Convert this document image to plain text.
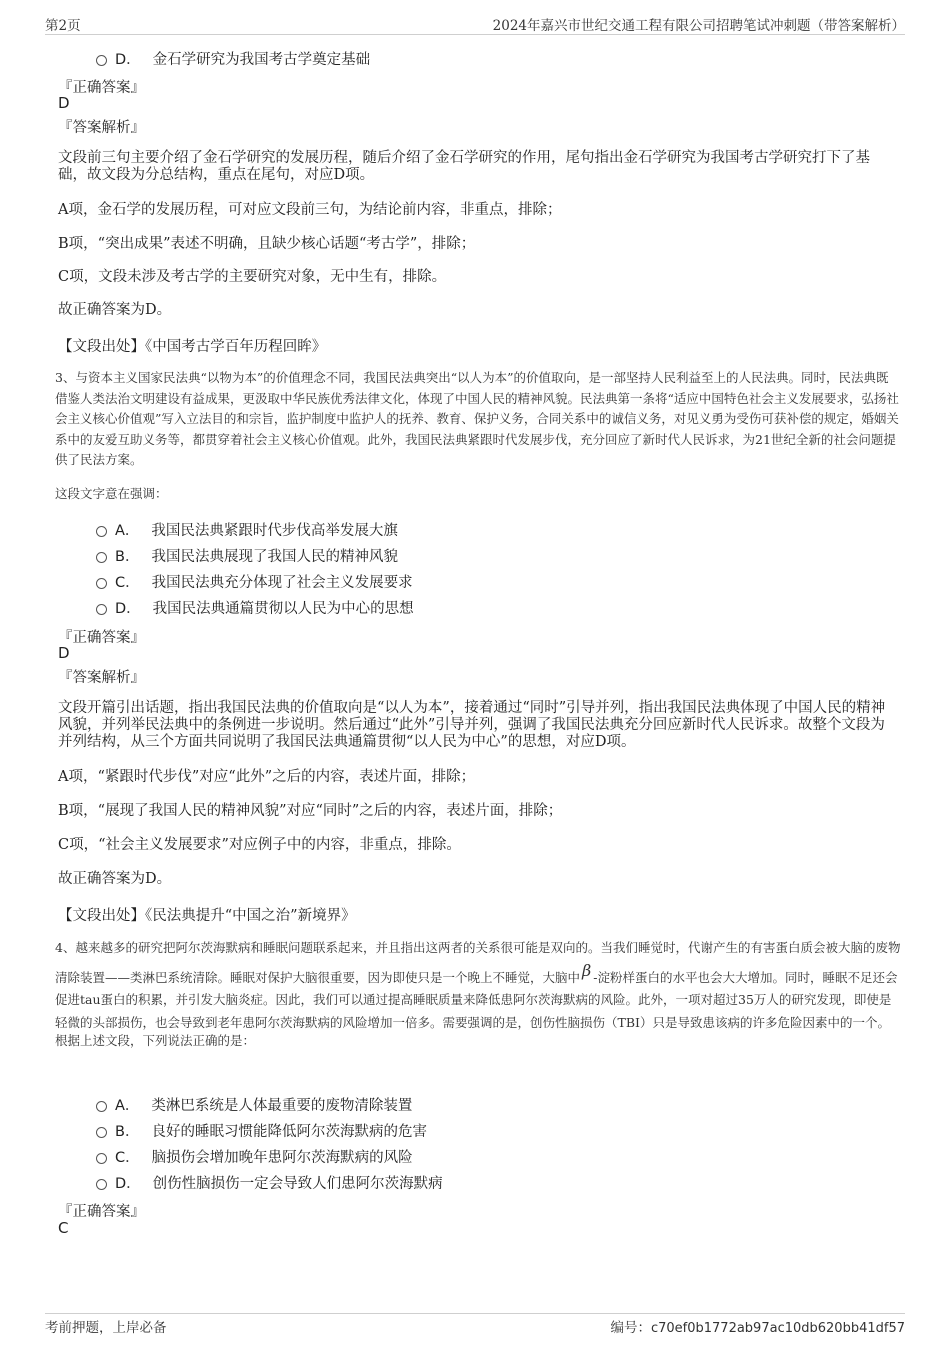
第2页	2024年嘉兴市世纪交通工程有限公司招聘笔试冲刺题（带答案解析）
D． 金石学研究为我国考古学奠定基础
『正确答案』
D
『答案解析』
文段前三句主要介绍了金石学研究的发展历程，随后介绍了金石学研究的作用，尾句指出金石学研究为我国考古学研究打下了基础，故文段为分总结构，重点在尾句，对应D项。
A项，金石学的发展历程，可对应文段前三句，为结论前内容，非重点，排除；
B项，“突出成果”表述不明确，且缺少核心话题“考古学”，排除；
C项，文段未涉及考古学的主要研究对象，无中生有，排除。
故正确答案为D。
【文段出处】《中国考古学百年历程回眸》
3、与资本主义国家民法典“以物为本”的价值理念不同，我国民法典突出“以人为本”的价值取向，是一部坚持人民利益至上的人民法典。同时，民法典既借鉴人类法治文明建设有益成果，更汲取中华民族优秀法律文化，体现了中国人民的精神风貌。民法典第一条将“适应中国特色社会主义发展要求，弘扬社会主义核心价值观”写入立法目的和宗旨，监护制度中监护人的抚养、教育、保护义务，合同关系中的诚信义务，对见义勇为受伤可获补偿的规定，婚姻关系中的友爱互助义务等，都贯穿着社会主义核心价值观。此外，我国民法典紧跟时代发展步伐，充分回应了新时代人民诉求，为21世纪全新的社会问题提供了民法方案。
这段文字意在强调：
A． 我国民法典紧跟时代步伐高举发展大旗
B． 我国民法典展现了我国人民的精神风貌
C． 我国民法典充分体现了社会主义发展要求
D． 我国民法典通篇贯彻以人民为中心的思想
『正确答案』
D
『答案解析』
文段开篇引出话题，指出我国民法典的价值取向是“以人为本”，接着通过“同时”引导并列，指出我国民法典体现了中国人民的精神风貌，并列举民法典中的条例进一步说明。然后通过“此外”引导并列，强调了我国民法典充分回应新时代人民诉求。故整个文段为并列结构，从三个方面共同说明了我国民法典通篇贯彻“以人民为中心”的思想，对应D项。
A项，“紧跟时代步伐”对应“此外”之后的内容，表述片面，排除；
B项，“展现了我国人民的精神风貌”对应“同时”之后的内容，表述片面，排除；
C项，“社会主义发展要求”对应例子中的内容，非重点，排除。
故正确答案为D。
【文段出处】《民法典提升“中国之治”新境界》
4、越来越多的研究把阿尔茨海默病和睡眠问题联系起来，并且指出这两者的关系很可能是双向的。当我们睡觉时，代谢产生的有害蛋白质会被大脑的废物清除装置——类淋巴系统清除。睡眠对保护大脑很重要，因为即使只是一个晚上不睡觉，大脑中 β -淀粉样蛋白的水平也会大大增加。同时，睡眠不足还会促进tau蛋白的积累，并引发大脑炎症。因此，我们可以通过提高睡眠质量来降低患阿尔茨海默病的风险。此外，一项对超过35万人的研究发现，即使是轻微的头部损伤，也会导致到老年患阿尔茨海默病的风险增加一倍多。需要强调的是，创伤性脑损伤（TBI）只是导致患该病的许多危险因素中的一个。
根据上述文段，下列说法正确的是：
A． 类淋巴系统是人体最重要的废物清除装置
B． 良好的睡眠习惯能降低阿尔茨海默病的危害
C． 脑损伤会增加晚年患阿尔茨海默病的风险
D． 创伤性脑损伤一定会导致人们患阿尔茨海默病
『正确答案』
C
考前押题，上岸必备	编号：c70ef0b1772ab97ac10db620bb41df57
